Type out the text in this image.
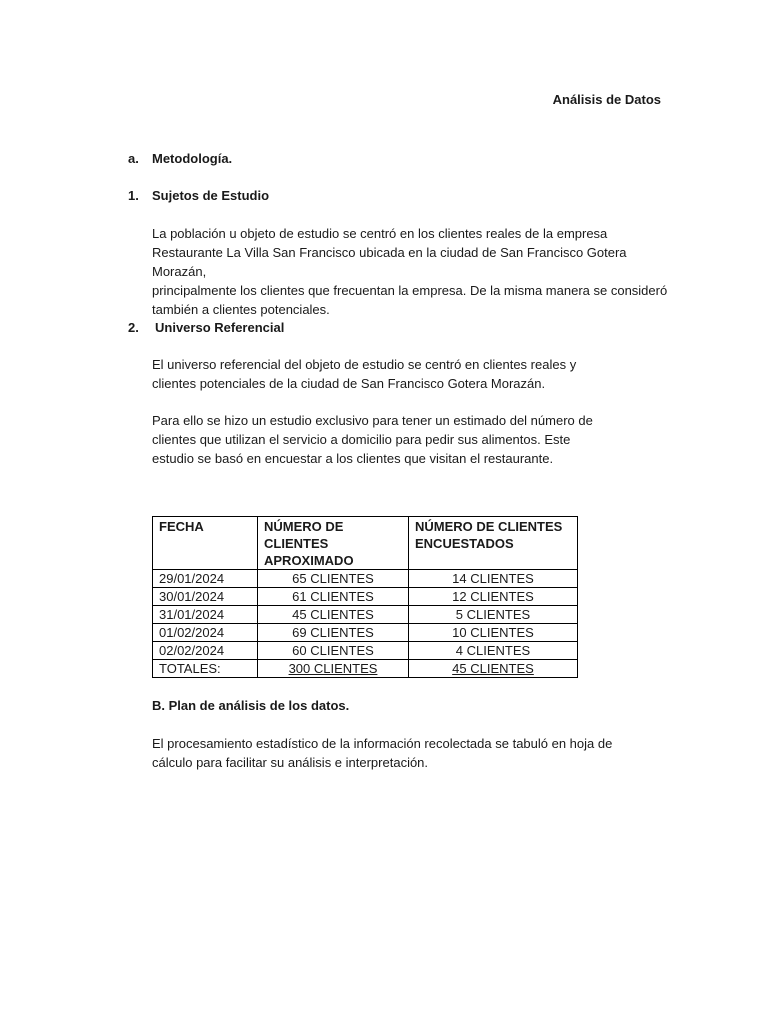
Análisis de Datos
a. Metodología.
1. Sujetos de Estudio
La población u objeto de estudio se centró en los clientes reales de la empresa
Restaurante La Villa San Francisco ubicada en la ciudad de San Francisco Gotera Morazán,
principalmente los clientes que frecuentan la empresa. De la misma manera se consideró
también a clientes potenciales.
2. Universo Referencial
El universo referencial del objeto de estudio se centró en clientes reales y
clientes potenciales de la ciudad de San Francisco Gotera Morazán.
Para ello se hizo un estudio exclusivo para tener un estimado del número de
clientes que utilizan el servicio a domicilio para pedir sus alimentos. Este
estudio se basó en encuestar a los clientes que visitan el restaurante.
FECHA	NÚMERO DE CLIENTES APROXIMADO	NÚMERO DE CLIENTES ENCUESTADOS
29/01/2024	65 CLIENTES	14 CLIENTES
30/01/2024	61 CLIENTES	12 CLIENTES
31/01/2024	45 CLIENTES	5 CLIENTES
01/02/2024	69 CLIENTES	10 CLIENTES
02/02/2024	60 CLIENTES	4 CLIENTES
TOTALES:	300 CLIENTES	45 CLIENTES
B. Plan de análisis de los datos.
El procesamiento estadístico de la información recolectada se tabuló en hoja de
cálculo para facilitar su análisis e interpretación.
